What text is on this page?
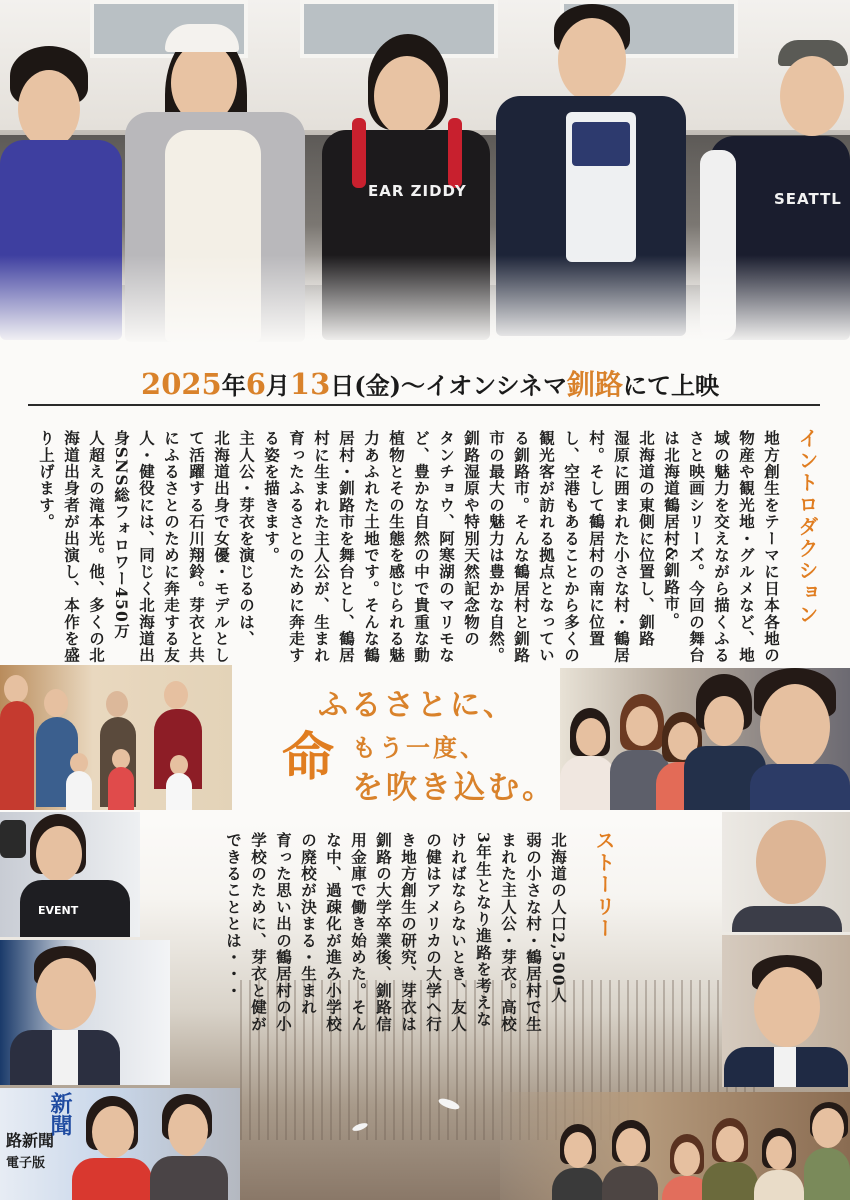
EAR ZIDDY	SEATTL
2025 年 6 月 13 日(金)〜イオンシネマ 釧路 にて上映
イントロダクション
地方創生をテーマに日本各地の
物産や観光地・グルメなど、地
域の魅力を交えながら描くふる
さと映画シリーズ。今回の舞台
は北海道鶴居村&釧路市。
北海道の東側に位置し、釧路
湿原に囲まれた小さな村・鶴居
村。そして鶴居村の南に位置
し、空港もあることから多くの
観光客が訪れる拠点となってい
る釧路市。そんな鶴居村と釧路
市の最大の魅力は豊かな自然。
釧路湿原や特別天然記念物の
タンチョウ、阿寒湖のマリモな
ど、豊かな自然の中で貴重な動
植物とその生態を感じられる魅
力あふれた土地です。そんな鶴
居村・釧路市を舞台とし、鶴居
村に生まれた主人公が、生まれ
育ったふるさとのために奔走す
る姿を描きます。
主人公・芽衣を演じるのは、
北海道出身で女優・モデルとし
て活躍する石川翔鈴。芽衣と共
にふるさとのために奔走する友
人・健役には、同じく北海道出
身SNS総フォロワー450万
人超えの滝本光。他、多くの北
海道出身者が出演し、本作を盛
り上げます。
ふるさとに、
命 もう一度、
を吹き込む。
ストーリー
北海道の人口2,500人
弱の小さな村・鶴居村で生
まれた主人公・芽衣。高校
3年生となり進路を考えな
ければならないとき、友人
の健はアメリカの大学へ行
き地方創生の研究、芽衣は
釧路の大学卒業後、釧路信
用金庫で働き始めた。そん
な中、過疎化が進み小学校
の廃校が決まる・生まれ
育った思い出の鶴居村の小
学校のために、芽衣と健が
できることとは・・・
EVENT
路新聞
電子版
新聞
